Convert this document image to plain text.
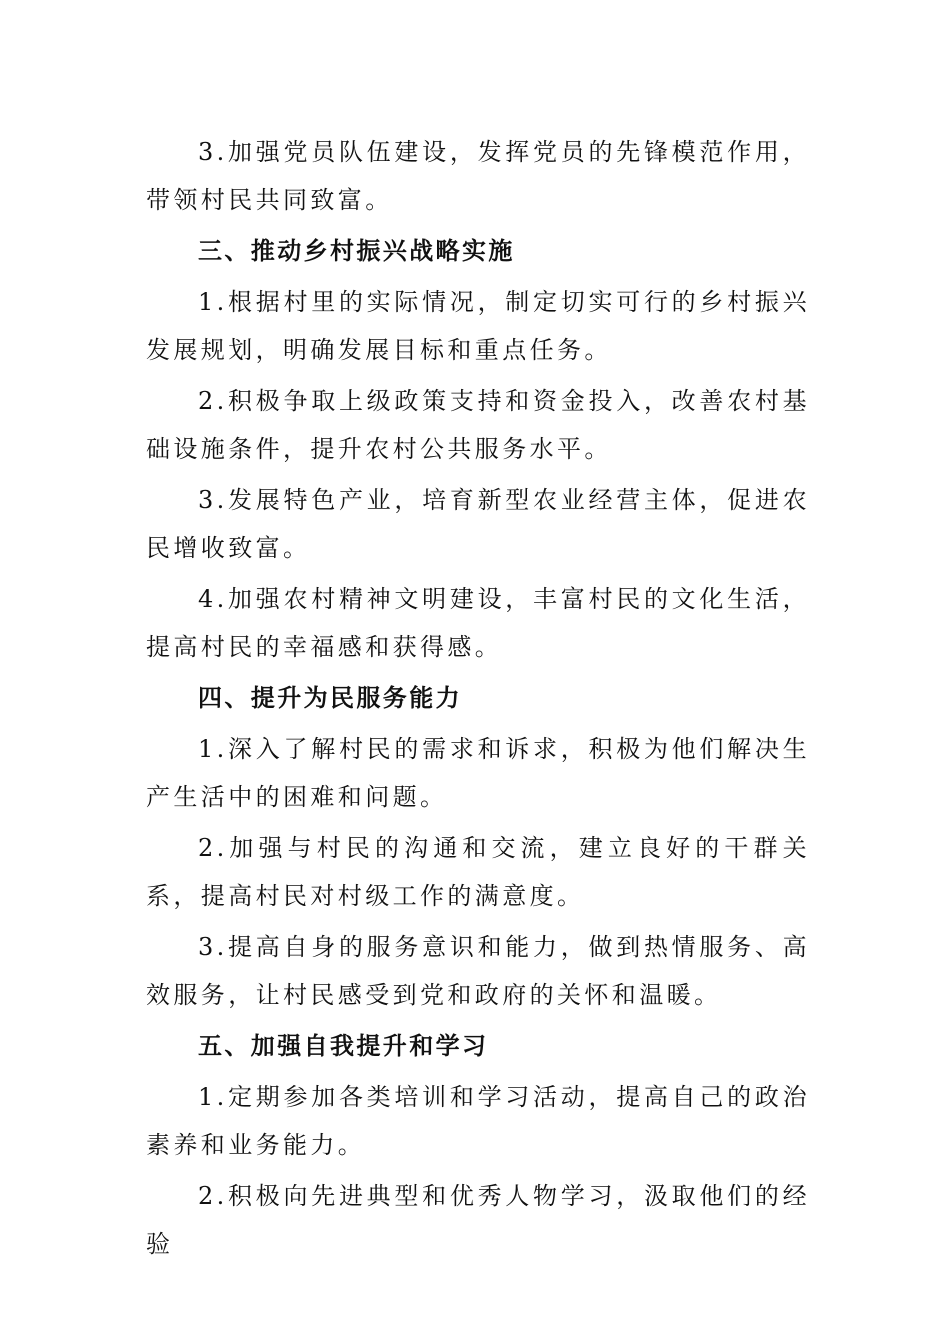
3.加强党员队伍建设，发挥党员的先锋模范作用，带领村民共同致富。

三、推动乡村振兴战略实施

1.根据村里的实际情况，制定切实可行的乡村振兴发展规划，明确发展目标和重点任务。

2.积极争取上级政策支持和资金投入，改善农村基础设施条件，提升农村公共服务水平。

3.发展特色产业，培育新型农业经营主体，促进农民增收致富。

4.加强农村精神文明建设，丰富村民的文化生活，提高村民的幸福感和获得感。

四、提升为民服务能力

1.深入了解村民的需求和诉求，积极为他们解决生产生活中的困难和问题。

2.加强与村民的沟通和交流，建立良好的干群关系，提高村民对村级工作的满意度。

3.提高自身的服务意识和能力，做到热情服务、高效服务，让村民感受到党和政府的关怀和温暖。

五、加强自我提升和学习

1.定期参加各类培训和学习活动，提高自己的政治素养和业务能力。

2.积极向先进典型和优秀人物学习，汲取他们的经验
